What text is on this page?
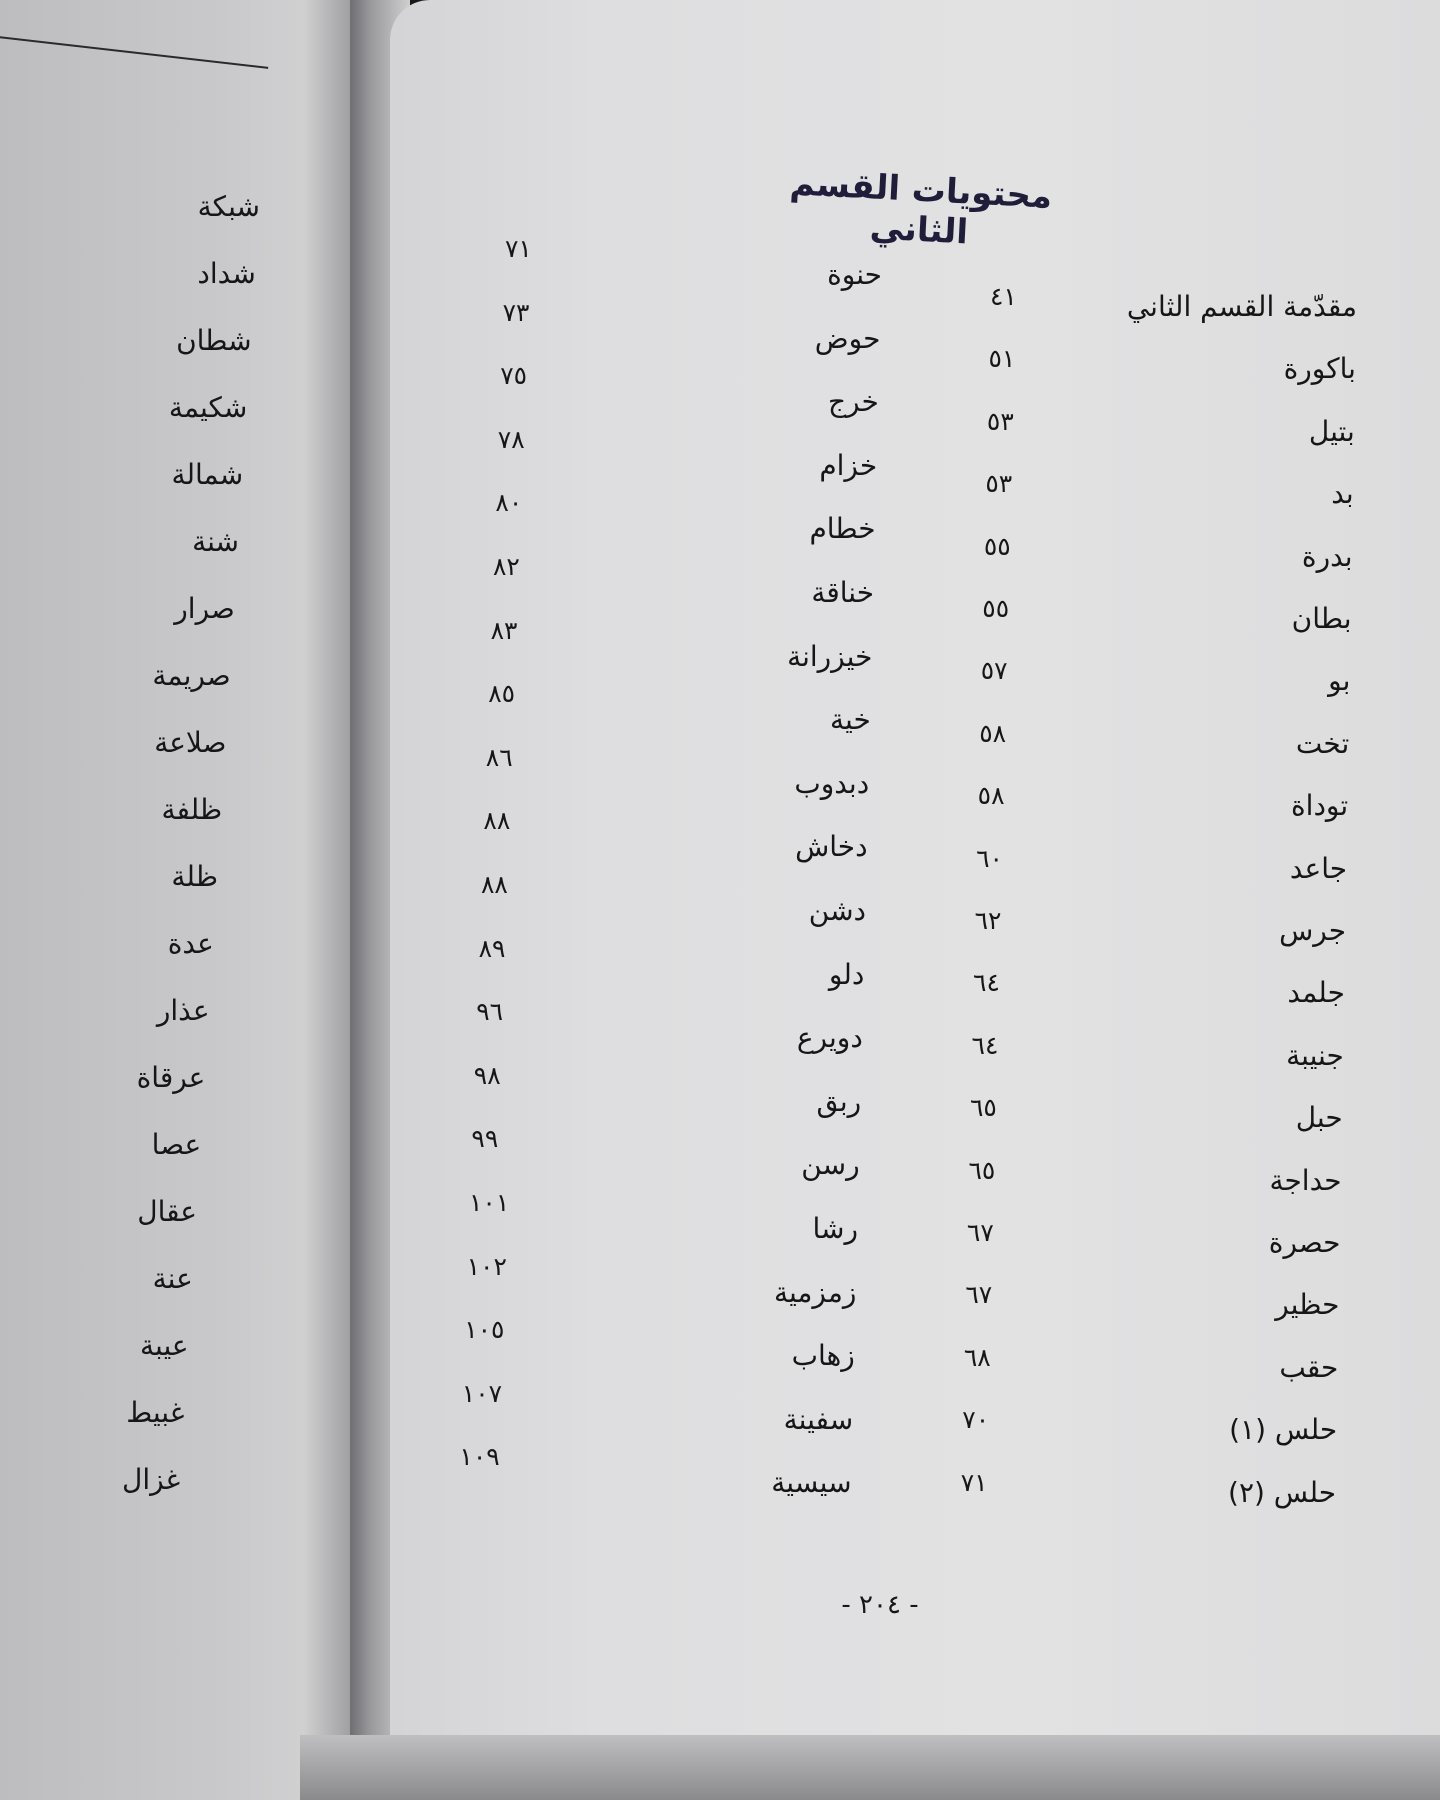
شبكة
شداد
شطان
شكيمة
شمالة
شنة
صرار
صريمة
صلاعة
ظلفة
ظلة
عدة
عذار
عرقاة
عصا
عقال
عنة
عيبة
غبيط
غزال
محتويات القسم الثاني
مقدّمة القسم الثاني
٤١
باكورة
٥١
بتيل
٥٣
بد
٥٣
بدرة
٥٥
بطان
٥٥
بو
٥٧
تخت
٥٨
توداة
٥٨
جاعد
٦٠
جرس
٦٢
جلمد
٦٤
جنيبة
٦٤
حبل
٦٥
حداجة
٦٥
حصرة
٦٧
حظير
٦٧
حقب
٦٨
حلس (١)
٧٠
حلس (٢)
٧١
حنوة
٧١
حوض
٧٣
خرج
٧٥
خزام
٧٨
خطام
٨٠
خناقة
٨٢
خيزرانة
٨٣
خية
٨٥
دبدوب
٨٦
دخاش
٨٨
دشن
٨٨
دلو
٨٩
دويرع
٩٦
ربق
٩٨
رسن
٩٩
رشا
١٠١
زمزمية
١٠٢
زهاب
١٠٥
سفينة
١٠٧
سيسية
١٠٩
- ٢٠٤ -
